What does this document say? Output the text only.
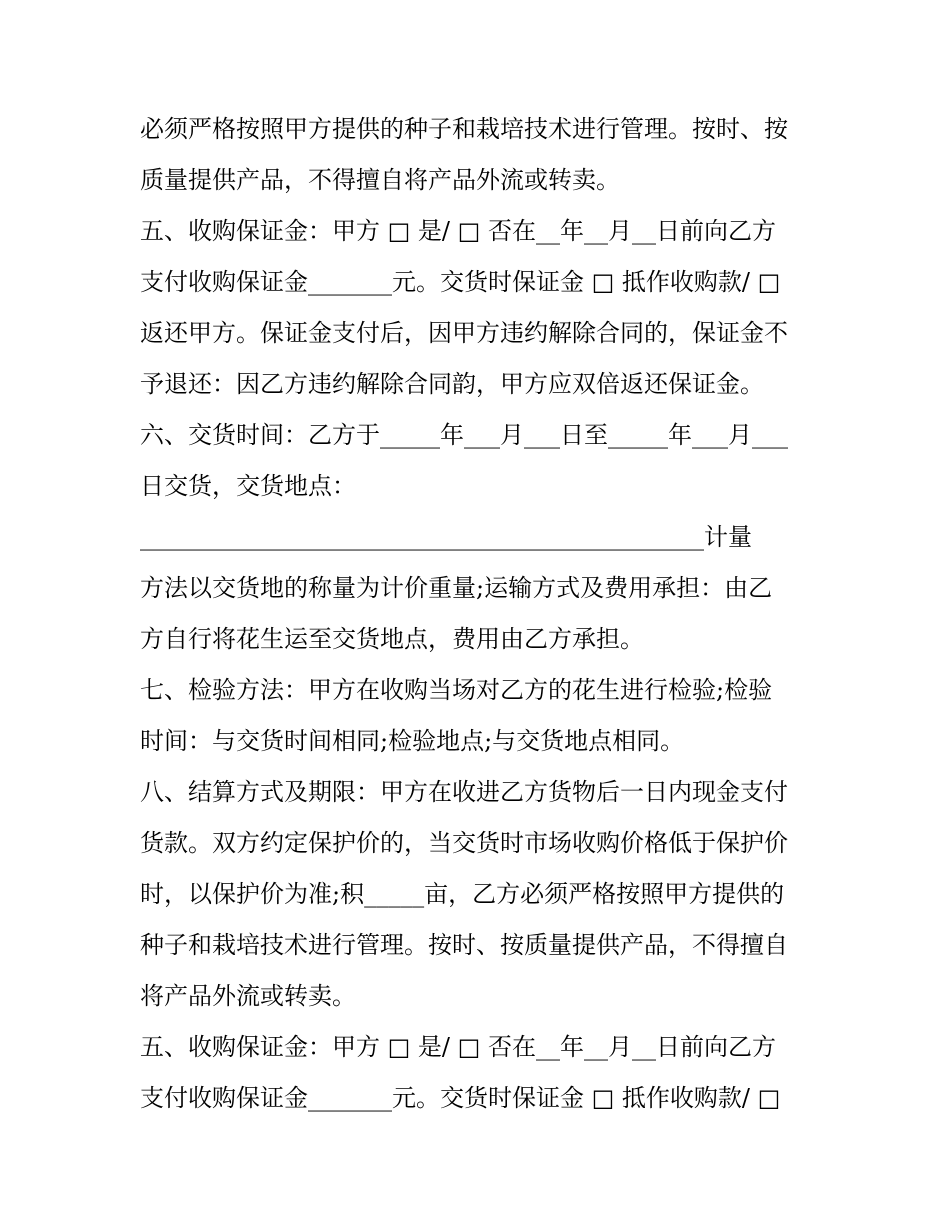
必须严格按照甲方提供的种子和栽培技术进行管理。按时、按
质量提供产品，不得擅自将产品外流或转卖。
五、收购保证金：甲方 □ 是/ □ 否在__年__月__日前向乙方
支付收购保证金_______元。交货时保证金 □ 抵作收购款/ □
返还甲方。保证金支付后，因甲方违约解除合同的，保证金不
予退还：因乙方违约解除合同韵，甲方应双倍返还保证金。
六、交货时间：乙方于_____年___月___日至_____年___月___
日交货，交货地点：
_______________________________________________计量
方法以交货地的称量为计价重量;运输方式及费用承担：由乙
方自行将花生运至交货地点，费用由乙方承担。
七、检验方法：甲方在收购当场对乙方的花生进行检验;检验
时间：与交货时间相同;检验地点;与交货地点相同。
八、结算方式及期限：甲方在收进乙方货物后一日内现金支付
货款。双方约定保护价的，当交货时市场收购价格低于保护价
时，以保护价为准;积_____亩，乙方必须严格按照甲方提供的
种子和栽培技术进行管理。按时、按质量提供产品，不得擅自
将产品外流或转卖。
五、收购保证金：甲方 □ 是/ □ 否在__年__月__日前向乙方
支付收购保证金_______元。交货时保证金 □ 抵作收购款/ □
